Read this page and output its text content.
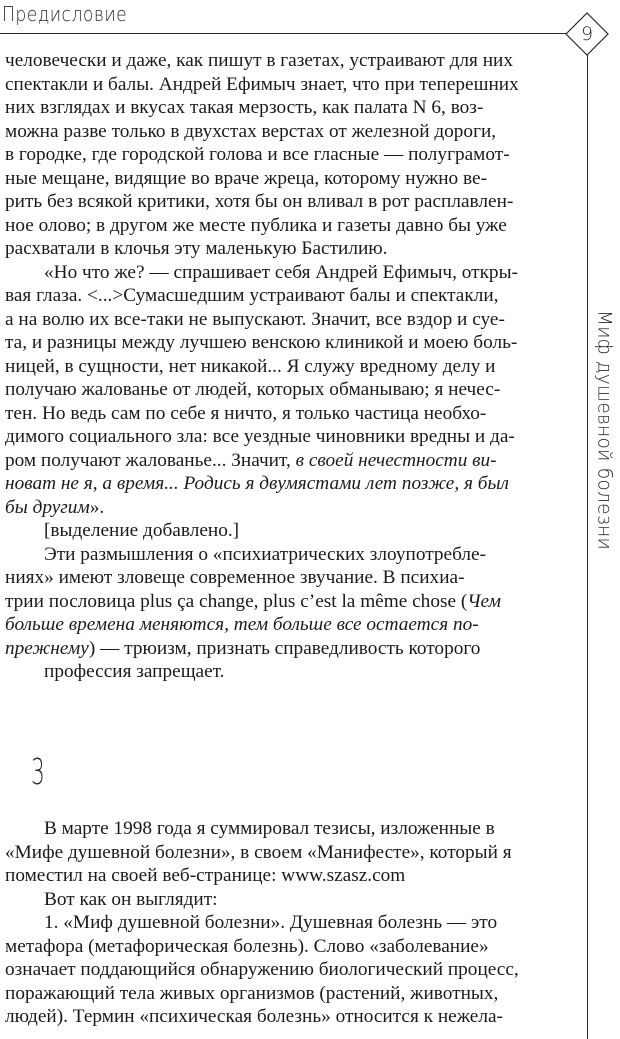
Предисловие
9
Миф душевной болезни
человечески и даже, как пишут в газетах, устраивают для них
спектакли и балы. Андрей Ефимыч знает, что при теперешних
них взглядах и вкусах такая мерзость, как палата N 6, воз-
можна разве только в двухстах верстах от железной дороги,
в городке, где городской голова и все гласные — полуграмот-
ные мещане, видящие во враче жреца, которому нужно ве-
рить без всякой критики, хотя бы он вливал в рот расплавлен-
ное олово; в другом же месте публика и газеты давно бы уже
расхватали в клочья эту маленькую Бастилию.
«Но что же? — спрашивает себя Андрей Ефимыч, откры-
вая глаза. <...>Сумасшедшим устраивают балы и спектакли,
а на волю их все-таки не выпускают. Значит, все вздор и суе-
та, и разницы между лучшею венскою клиникой и моею боль-
ницей, в сущности, нет никакой... Я служу вредному делу и
получаю жалованье от людей, которых обманываю; я нечес-
тен. Но ведь сам по себе я ничто, я только частица необхо-
димого социального зла: все уездные чиновники вредны и да-
ром получают жалованье... Значит, в своей нечестности ви-
новат не я, а время... Родись я двумястами лет позже, я был
бы другим».
[выделение добавлено.]
Эти размышления о «психиатрических злоупотребле-
ниях» имеют зловеще современное звучание. В психиа-
трии пословица plus ça change, plus c’est la même chose (Чем
больше времена меняются, тем больше все остается по-
прежнему) — трюизм, признать справедливость которого
профессия запрещает.
3
В марте 1998 года я суммировал тезисы, изложенные в
«Мифе душевной болезни», в своем «Манифесте», который я
поместил на своей веб-странице: www.szasz.com
Вот как он выглядит:
1. «Миф душевной болезни». Душевная болезнь — это
метафора (метафорическая болезнь). Слово «заболевание»
означает поддающийся обнаружению биологический процесс,
поражающий тела живых организмов (растений, животных,
людей). Термин «психическая болезнь» относится к нежела-
